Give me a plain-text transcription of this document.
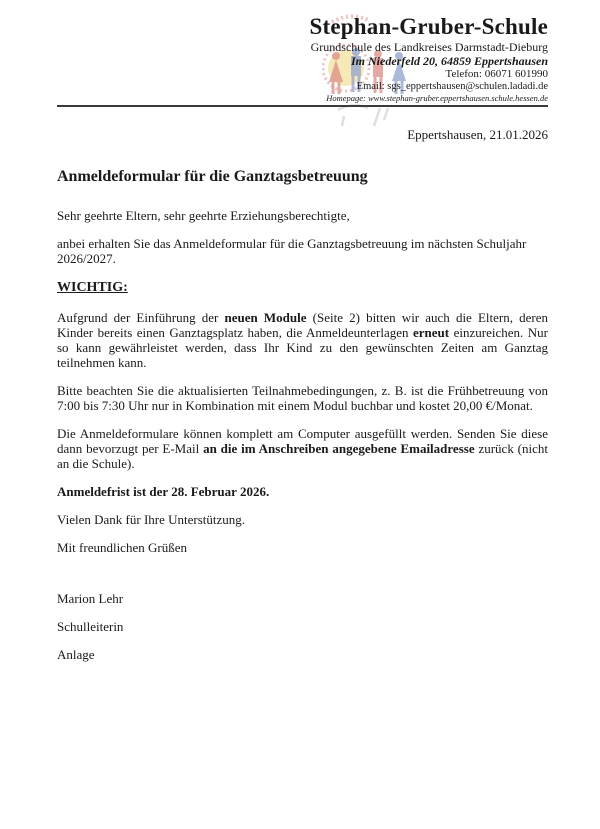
Stephan-Gruber-Schule
Grundschule des Landkreises Darmstadt-Dieburg
Im Niederfeld 20, 64859 Eppertshausen
Telefon: 06071 601990
Email: sgs_eppertshausen@schulen.ladadi.de
Homepage: www.stephan-gruber.eppertshausen.schule.hessen.de

Eppertshausen, 21.01.2026

Anmeldeformular für die Ganztagsbetreuung

Sehr geehrte Eltern, sehr geehrte Erziehungsberechtigte,

anbei erhalten Sie das Anmeldeformular für die Ganztagsbetreuung im nächsten Schuljahr 2026/2027.

WICHTIG:

Aufgrund der Einführung der neuen Module (Seite 2) bitten wir auch die Eltern, deren Kinder bereits einen Ganztagsplatz haben, die Anmeldeunterlagen erneut einzureichen. Nur so kann gewährleistet werden, dass Ihr Kind zu den gewünschten Zeiten am Ganztag teilnehmen kann.

Bitte beachten Sie die aktualisierten Teilnahmebedingungen, z. B. ist die Frühbetreuung von 7:00 bis 7:30 Uhr nur in Kombination mit einem Modul buchbar und kostet 20,00 €/Monat.

Die Anmeldeformulare können komplett am Computer ausgefüllt werden. Senden Sie diese dann bevorzugt per E-Mail an die im Anschreiben angegebene Emailadresse zurück (nicht an die Schule).

Anmeldefrist ist der 28. Februar 2026.

Vielen Dank für Ihre Unterstützung.

Mit freundlichen Grüßen

Marion Lehr

Schulleiterin

Anlage
